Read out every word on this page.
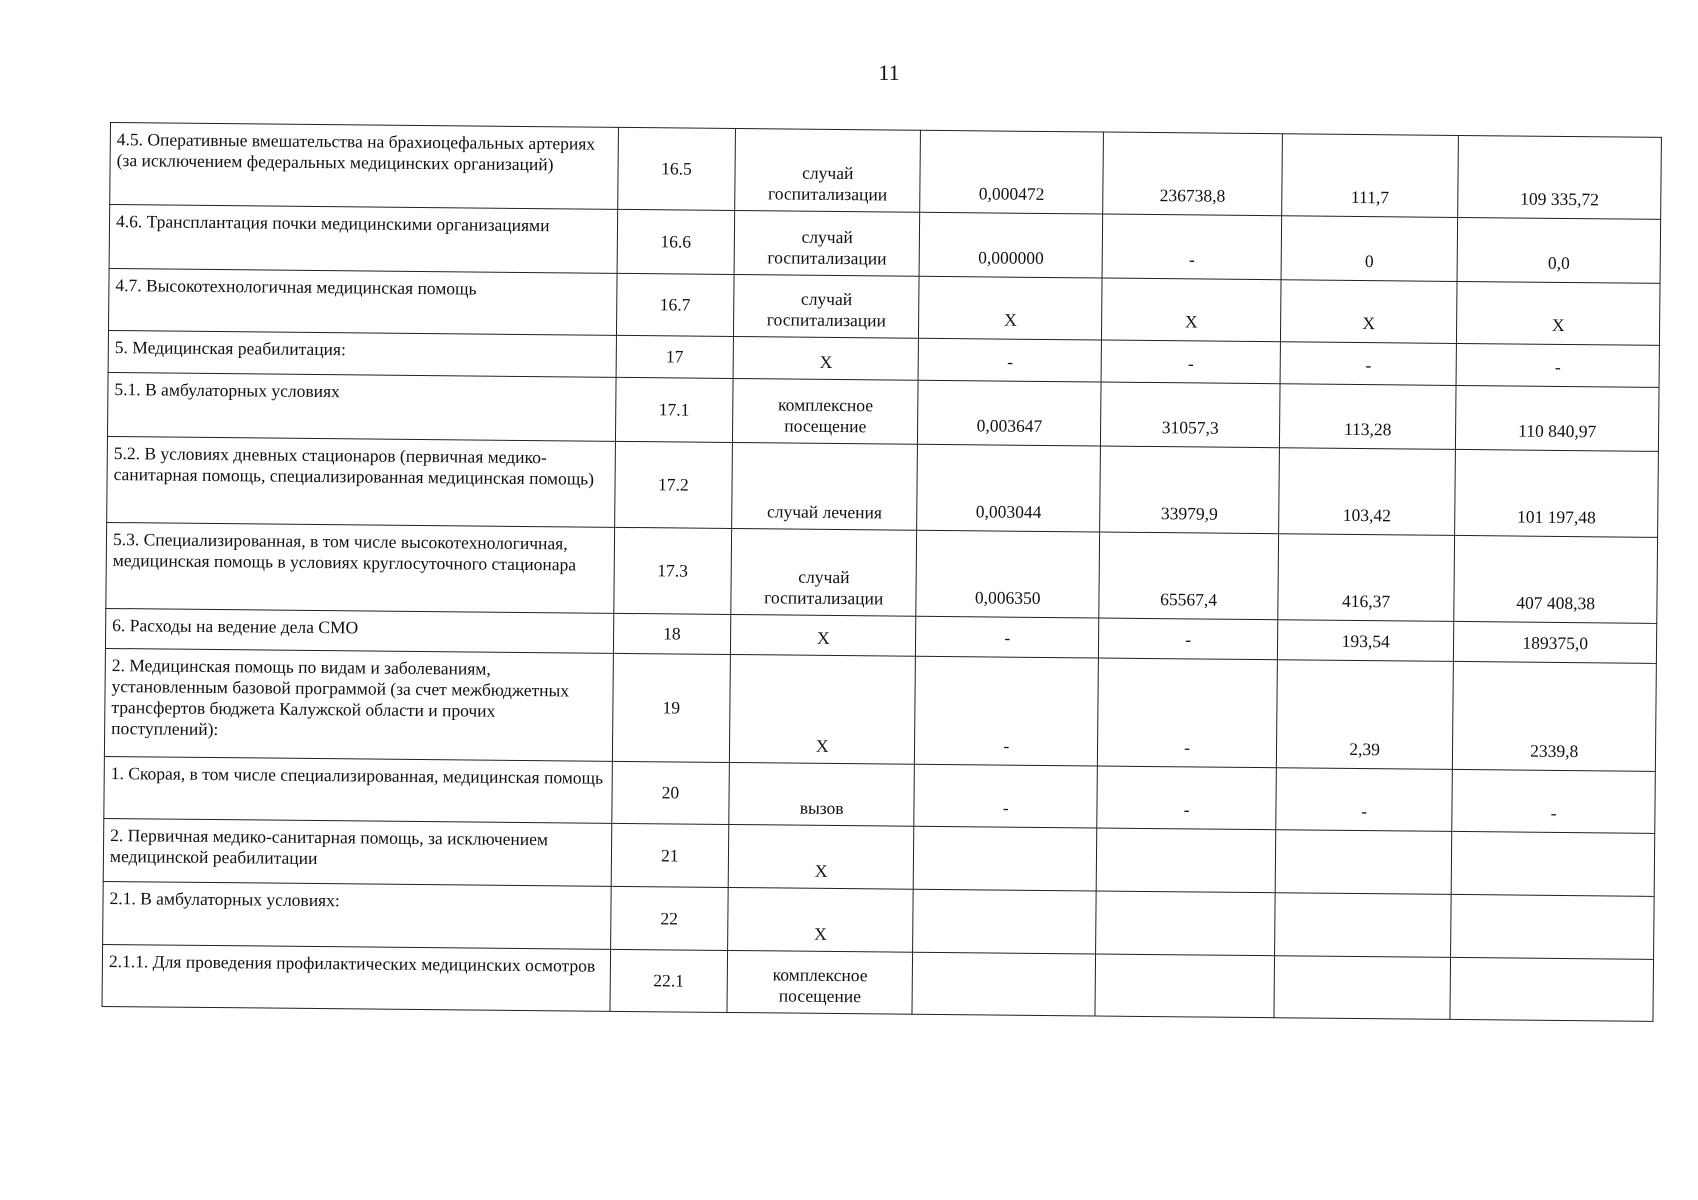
11
4.5. Оперативные вмешательства на брахиоцефальных артериях (за исключением федеральных медицинских организаций)	16.5	случай госпитализации	0,000472	236738,8	111,7	109 335,72
4.6. Трансплантация почки медицинскими организациями	16.6	случай госпитализации	0,000000	-	0	0,0
4.7. Высокотехнологичная медицинская помощь	16.7	случай госпитализации	Х	Х	Х	Х
5. Медицинская реабилитация:	17	Х	-	-	-	-
5.1. В амбулаторных условиях	17.1	комплексное посещение	0,003647	31057,3	113,28	110 840,97
5.2. В условиях дневных стационаров (первичная медико-санитарная помощь, специализированная медицинская помощь)	17.2	случай лечения	0,003044	33979,9	103,42	101 197,48
5.3. Специализированная, в том числе высокотехнологичная, медицинская помощь в условиях круглосуточного стационара	17.3	случай госпитализации	0,006350	65567,4	416,37	407 408,38
6. Расходы на ведение дела СМО	18	Х	-	-	193,54	189375,0
2. Медицинская помощь по видам и заболеваниям, установленным базовой программой (за счет межбюджетных трансфертов бюджета Калужской области и прочих поступлений):	19	Х	-	-	2,39	2339,8
1. Скорая, в том числе специализированная, медицинская помощь	20	вызов	-	-	-	-
2. Первичная медико-санитарная помощь, за исключением медицинской реабилитации	21	Х				
2.1. В амбулаторных условиях:	22	Х				
2.1.1. Для проведения профилактических медицинских осмотров	22.1	комплексное посещение				
